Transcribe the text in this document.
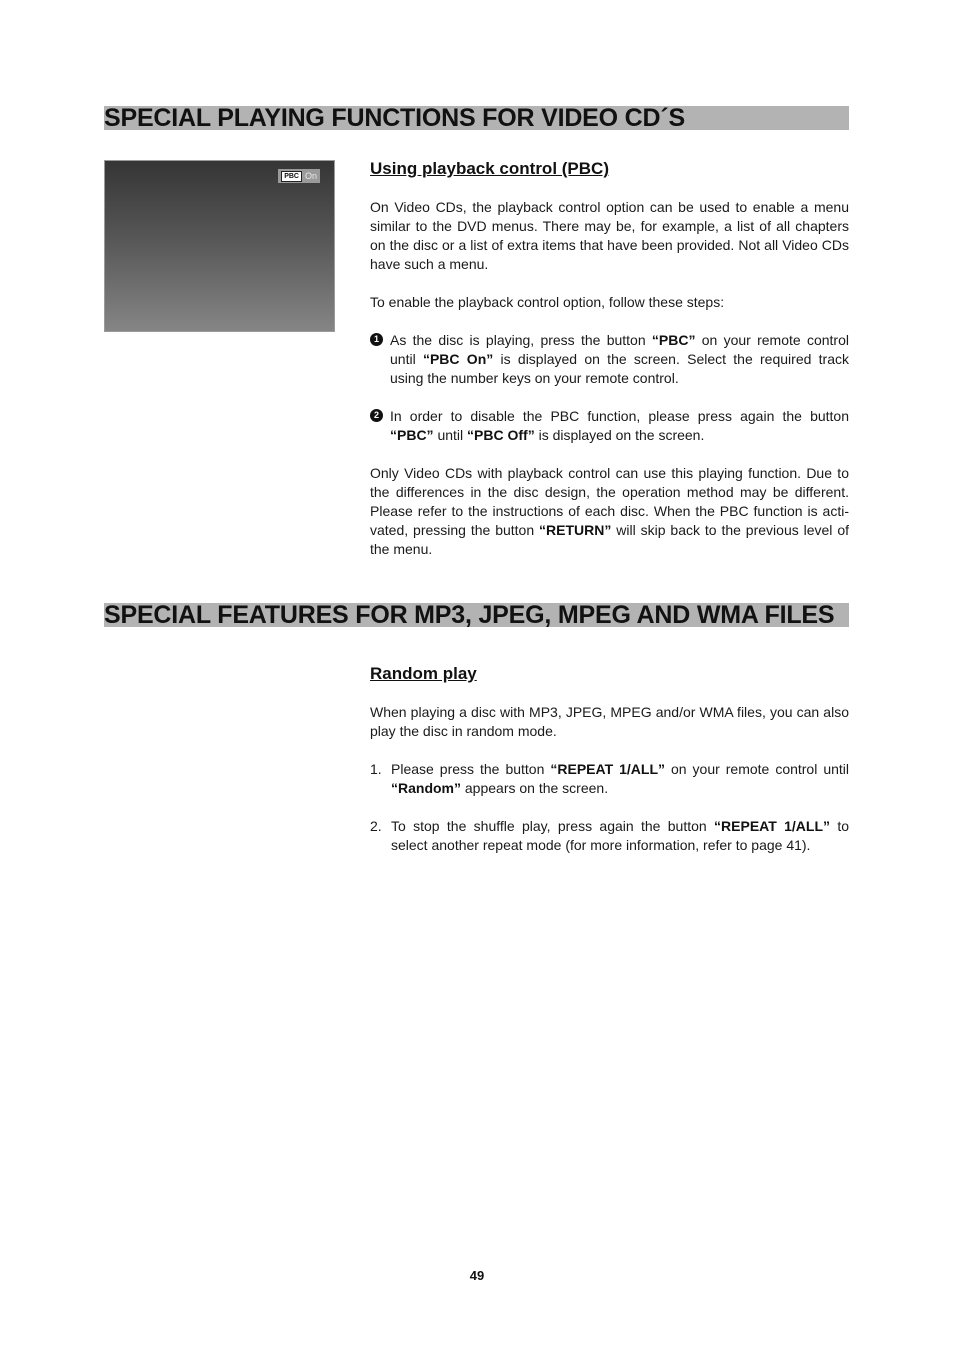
SPECIAL PLAYING FUNCTIONS FOR VIDEO CD´S
PBC On	Using playback control (PBC)

On Video CDs, the playback control option can be used to enable a menu similar to the DVD menus. There may be, for example, a list of all chapters on the disc or a list of extra items that have been provided. Not all Video CDs have such a menu.

To enable the playback control option, follow these steps:

1 As the disc is playing, press the button “PBC” on your remote control until “PBC On” is displayed on the screen. Select the required track using the number keys on your remote control.
2 In order to disable the PBC function, please press again the button “PBC” until “PBC Off” is displayed on the screen.

Only Video CDs with playback control can use this playing function. Due to the differences in the disc design, the operation method may be different. Please refer to the instructions of each disc. When the PBC function is acti-vated, pressing the button “RETURN” will skip back to the previous level of the menu.

SPECIAL FEATURES FOR MP3, JPEG, MPEG AND WMA FILES
Random play

When playing a disc with MP3, JPEG, MPEG and/or WMA files, you can also play the disc in random mode.

1. Please press the button “REPEAT 1/ALL” on your remote control until “Random” appears on the screen.
2. To stop the shuffle play, press again the button “REPEAT 1/ALL” to select another repeat mode (for more information, refer to page 41).
49
